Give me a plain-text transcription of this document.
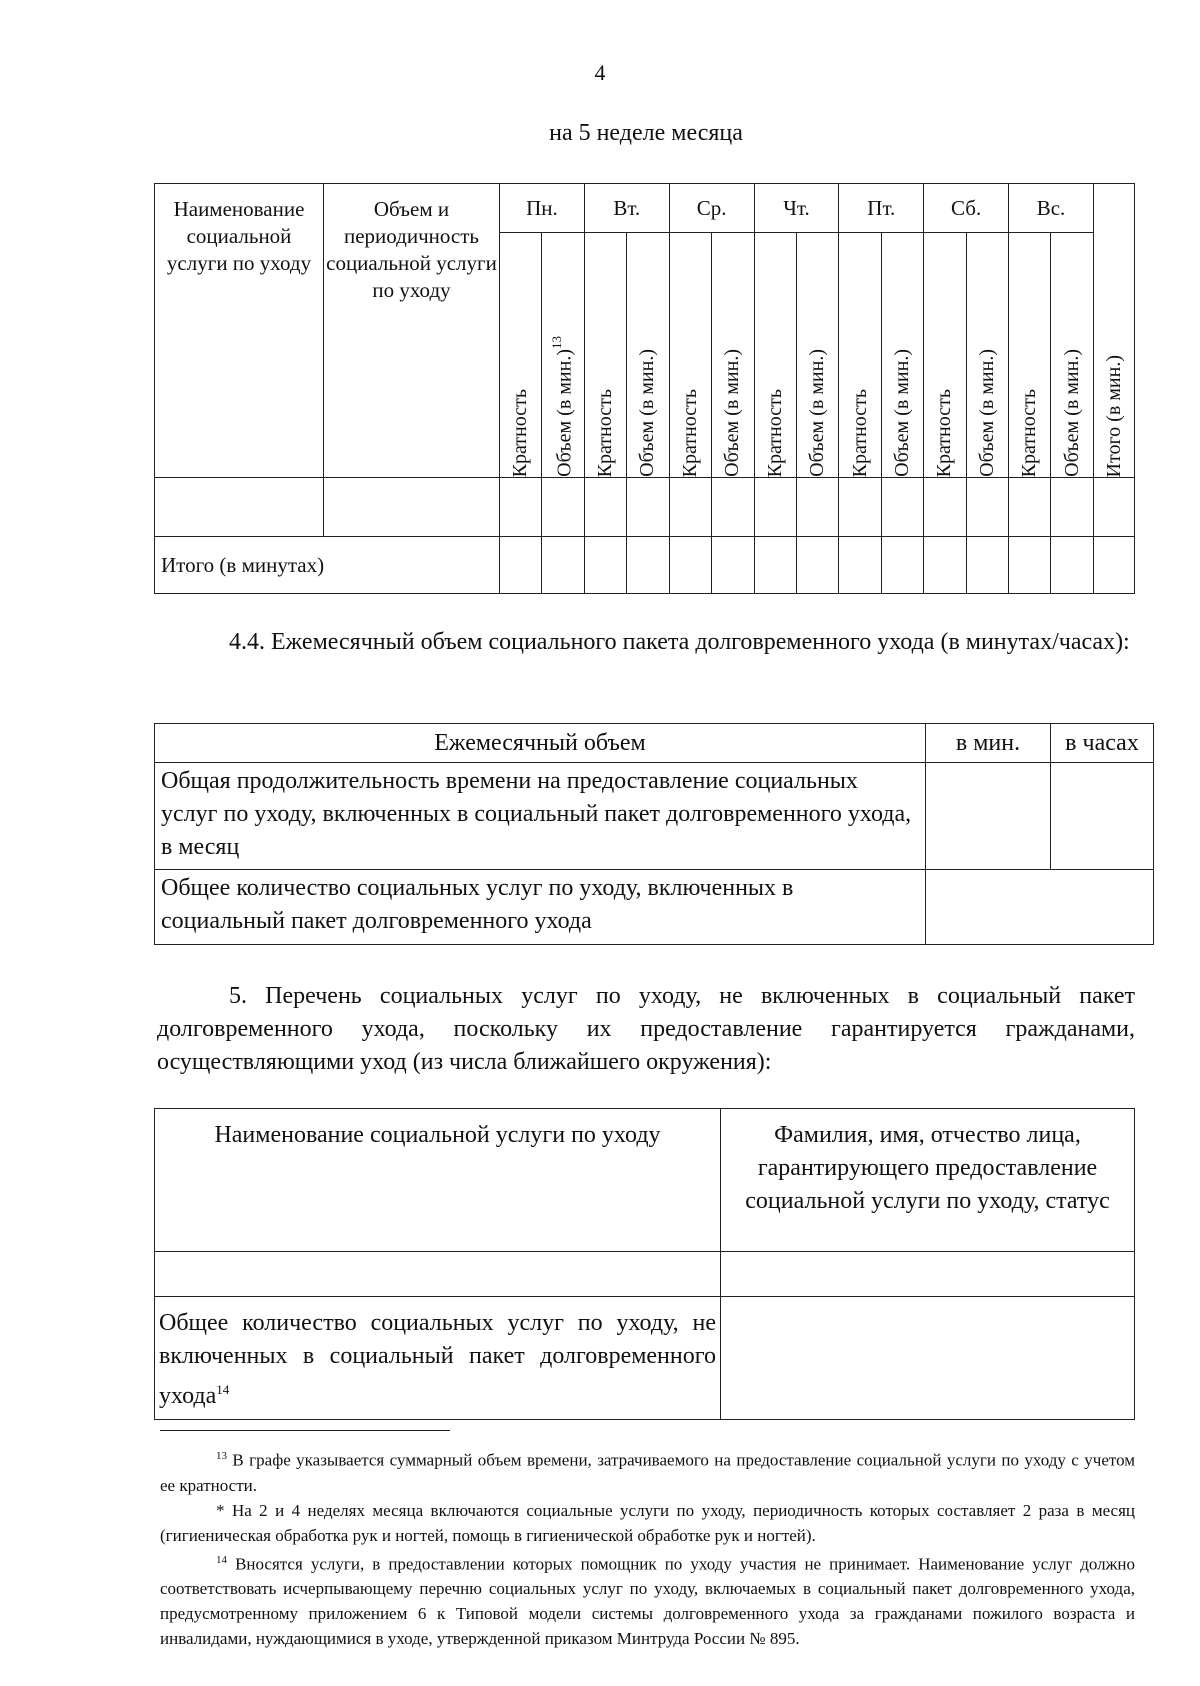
4
на 5 неделе месяца
Наименование социальной услуги по уходу	Объем и периодичность социальной услуги по уходу	Пн.		Вт.		Ср.		Чт.		Пт.		Сб.		Вс.		Итого (в мин.)

		Кратность	Объем (в мин.)$^{13}$	Кратность	Объем (в мин.)	Кратность	Объем (в мин.)	Кратность	Объем (в мин.)	Кратность	Объем (в мин.)	Кратность	Объем (в мин.)	Кратность	Объем (в мин.)	

Итого (в минутах)																
4.4. Ежемесячный объем социального пакета долговременного ухода (в минутах/часах):
Ежемесячный объем	в мин.	в часах
Общая продолжительность времени на предоставление социальных услуг по уходу, включенных в социальный пакет долговременного ухода, в месяц		
Общее количество социальных услуг по уходу, включенных в социальный пакет долговременного ухода		
5. Перечень социальных услуг по уходу, не включенных в социальный пакет долговременного ухода, поскольку их предоставление гарантируется гражданами, осуществляющими уход (из числа ближайшего окружения):
Наименование социальной услуги по уходу	Фамилия, имя, отчество лица, гарантирующего предоставление социальной услуги по уходу, статус

Общее количество социальных услуг по уходу, не включенных в социальный пакет долговременного ухода$^{14}$	

$^{13}$ В графе указывается суммарный объем времени, затрачиваемого на предоставление социальной услуги по уходу с учетом ее кратности.

* На 2 и 4 неделях месяца включаются социальные услуги по уходу, периодичность которых составляет 2 раза в месяц (гигиеническая обработка рук и ногтей, помощь в гигиенической обработке рук и ногтей).

$^{14}$ Вносятся услуги, в предоставлении которых помощник по уходу участия не принимает. Наименование услуг должно соответствовать исчерпывающему перечню социальных услуг по уходу, включаемых в социальный пакет долговременного ухода, предусмотренному приложением 6 к Типовой модели системы долговременного ухода за гражданами пожилого возраста и инвалидами, нуждающимися в уходе, утвержденной приказом Минтруда России № 895.
